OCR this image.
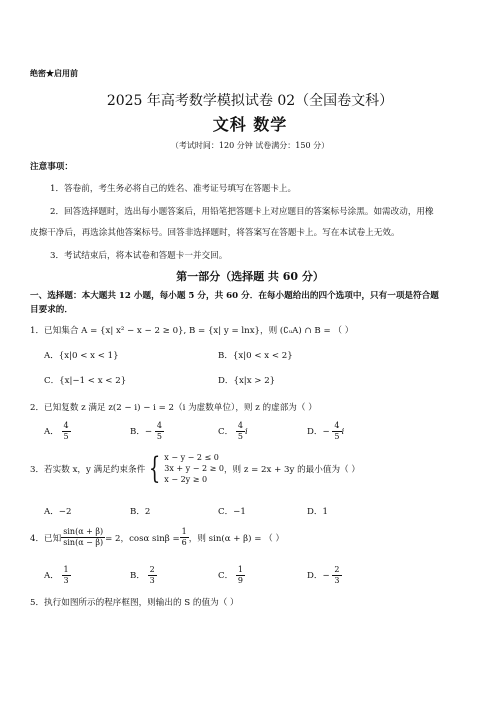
绝密★启用前
2025 年高考数学模拟试卷 02（全国卷文科）
文科 数学
（考试时间：120 分钟 试卷满分：150 分）
注意事项：
1．答卷前，考生务必将自己的姓名、准考证号填写在答题卡上。
2．回答选择题时，选出每小题答案后，用铅笔把答题卡上对应题目的答案标号涂黑。如需改动，用橡
皮擦干净后，再选涂其他答案标号。回答非选择题时，将答案写在答题卡上。写在本试卷上无效。
3．考试结束后，将本试卷和答题卡一并交回。
第一部分（选择题 共 60 分）
一、选择题：本大题共 12 小题，每小题 5 分，共 60 分．在每小题给出的四个选项中，只有一项是符合题
目要求的．
1．已知集合 A = {x| x² − x − 2 ≥ 0}, B = {x| y = lnx}，则 (∁ᵤA) ∩ B = （ ）
A．{x|0 < x < 1}	B．{x|0 < x < 2}
C．{x|−1 < x < 2}	D．{x|x > 2}
2．已知复数 z 满足 z(2 − i) − i = 2（i 为虚数单位），则 z 的虚部为（ ）
A． $\frac{4}{5}$	B．− $\frac{4}{5}$	C． $\frac{4}{5}$ i	D．− $\frac{4}{5}$ i
3．若实数 x，y 满足约束条件 { x − y − 2 ≤ 0
3x + y − 2 ≥ 0
x − 2y ≥ 0
，则 z = 2x + 3y 的最小值为（ ）
A．−2	B．2	C．−1	D．1
4．已知 $\frac{\sin(\alpha + \beta)}{\sin(\alpha - \beta)} = 2$，cosα $\sin\beta = \frac{1}{6}$ ，则 sin(α + β) = （ ）
A． $\frac{1}{3}$	B． $\frac{2}{3}$	C． $\frac{1}{9}$	D．− $\frac{2}{3}$
5．执行如图所示的程序框图，则输出的 S 的值为（ ）
